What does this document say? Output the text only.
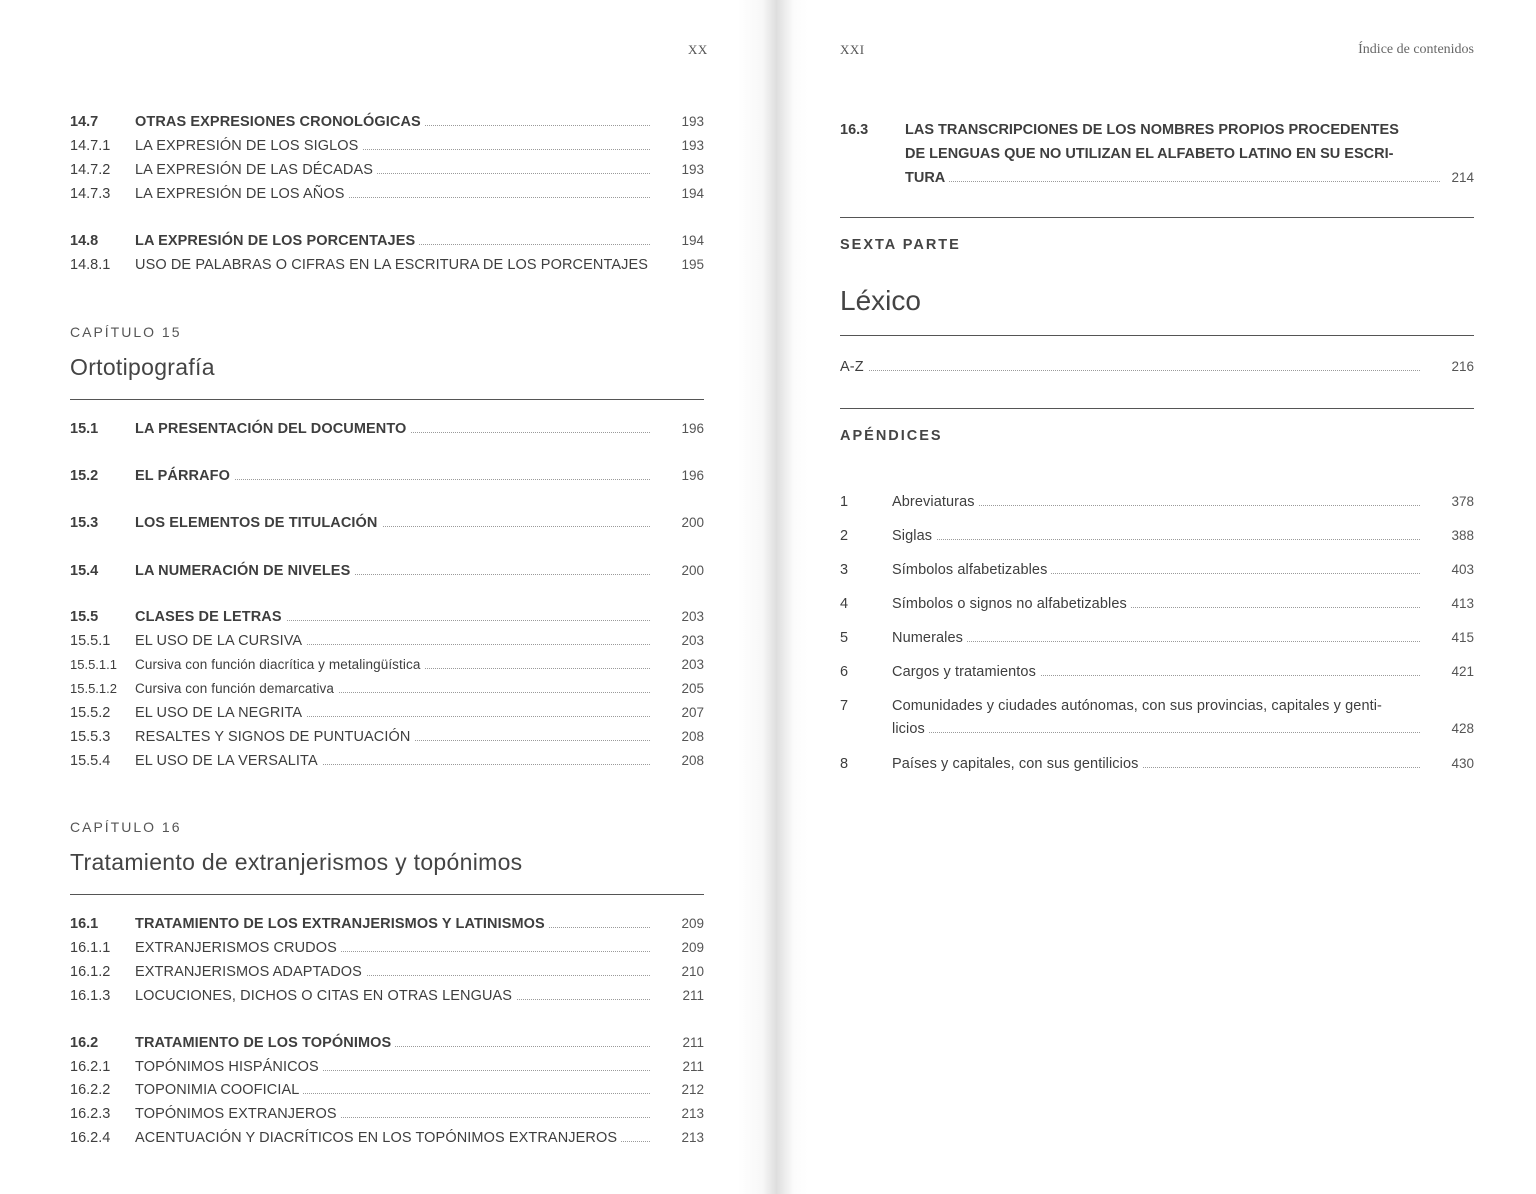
XX
14.7	OTRAS EXPRESIONES CRONOLÓGICAS	193
14.7.1 LA EXPRESIÓN DE LOS SIGLOS	193
14.7.2 LA EXPRESIÓN DE LAS DÉCADAS	193
14.7.3 LA EXPRESIÓN DE LOS AÑOS	194
14.8	LA EXPRESIÓN DE LOS PORCENTAJES	194
14.8.1 USO DE PALABRAS O CIFRAS EN LA ESCRITURA DE LOS PORCENTAJES 195
CAPÍTULO 15
Ortotipografía
15.1	LA PRESENTACIÓN DEL DOCUMENTO	196
15.2	EL PÁRRAFO	196
15.3	LOS ELEMENTOS DE TITULACIÓN	200
15.4	LA NUMERACIÓN DE NIVELES	200
15.5	CLASES DE LETRAS	203
15.5.1 EL USO DE LA CURSIVA	203
15.5.1.1 Cursiva con función diacrítica y metalingüística	203
15.5.1.2 Cursiva con función demarcativa	205
15.5.2 EL USO DE LA NEGRITA	207
15.5.3 RESALTES Y SIGNOS DE PUNTUACIÓN	208
15.5.4 EL USO DE LA VERSALITA	208
CAPÍTULO 16
Tratamiento de extranjerismos y topónimos
16.1	TRATAMIENTO DE LOS EXTRANJERISMOS Y LATINISMOS	209
16.1.1 EXTRANJERISMOS CRUDOS	209
16.1.2 EXTRANJERISMOS ADAPTADOS	210
16.1.3 LOCUCIONES, DICHOS O CITAS EN OTRAS LENGUAS	211
16.2	TRATAMIENTO DE LOS TOPÓNIMOS	211
16.2.1 TOPÓNIMOS HISPÁNICOS	211
16.2.2 TOPONIMIA COOFICIAL	212
16.2.3 TOPÓNIMOS EXTRANJEROS	213
16.2.4 ACENTUACIÓN Y DIACRÍTICOS EN LOS TOPÓNIMOS EXTRANJEROS	213
XXI	Índice de contenidos
16.3	LAS TRANSCRIPCIONES DE LOS NOMBRES PROPIOS PROCEDENTES
DE LENGUAS QUE NO UTILIZAN EL ALFABETO LATINO EN SU ESCRI-
TURA	214
SEXTA PARTE
Léxico
A-Z	216
APÉNDICES
1	Abreviaturas	378
2	Siglas	388
3	Símbolos alfabetizables	403
4	Símbolos o signos no alfabetizables	413
5	Numerales	415
6	Cargos y tratamientos	421
7	Comunidades y ciudades autónomas, con sus provincias, capitales y genti-
licios	428
8	Países y capitales, con sus gentilicios	430
